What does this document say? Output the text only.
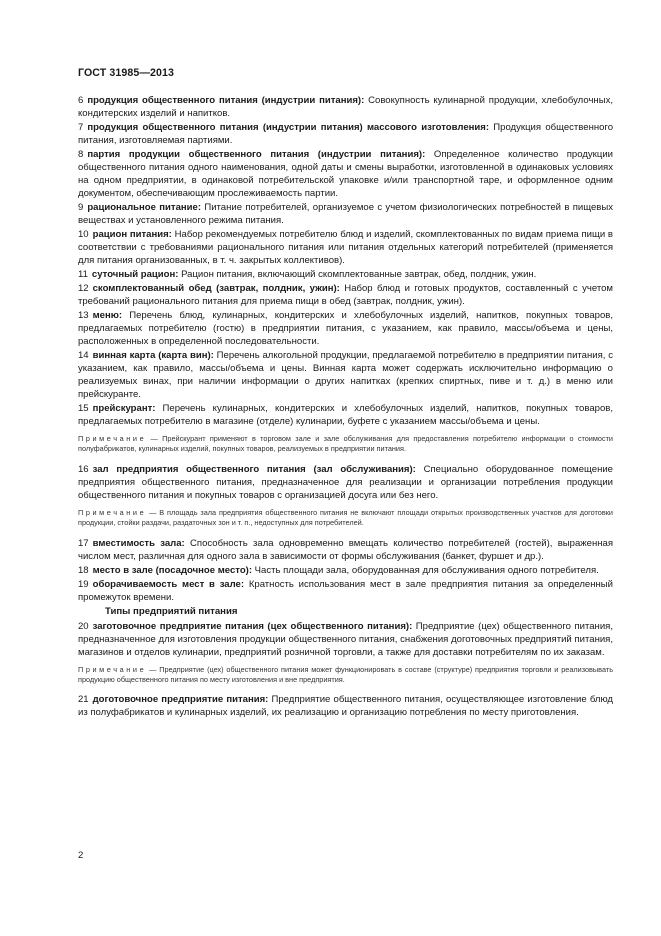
ГОСТ 31985—2013

6 продукция общественного питания (индустрии питания): Совокупность кулинарной продукции, хлебобулочных, кондитерских изделий и напитков.

7 продукция общественного питания (индустрии питания) массового изготовления: Продукция общественного питания, изготовляемая партиями.

8 партия продукции общественного питания (индустрии питания): Определенное количество продукции общественного питания одного наименования, одной даты и смены выработки, изготовленной в одинаковых условиях на одном предприятии, в одинаковой потребительской упаковке и/или транспортной таре, и оформленное одним документом, обеспечивающим прослеживаемость партии.

9 рациональное питание: Питание потребителей, организуемое с учетом физиологических потребностей в пищевых веществах и установленного режима питания.

10 рацион питания: Набор рекомендуемых потребителю блюд и изделий, скомплектованных по видам приема пищи в соответствии с требованиями рационального питания или питания отдельных категорий потребителей (применяется для питания организованных, в т. ч. закрытых коллективов).

11 суточный рацион: Рацион питания, включающий скомплектованные завтрак, обед, полдник, ужин.

12 скомплектованный обед (завтрак, полдник, ужин): Набор блюд и готовых продуктов, составленный с учетом требований рационального питания для приема пищи в обед (завтрак, полдник, ужин).

13 меню: Перечень блюд, кулинарных, кондитерских и хлебобулочных изделий, напитков, покупных товаров, предлагаемых потребителю (гостю) в предприятии питания, с указанием, как правило, массы/объема и цены, расположенных в определенной последовательности.

14 винная карта (карта вин): Перечень алкогольной продукции, предлагаемой потребителю в предприятии питания, с указанием, как правило, массы/объема и цены. Винная карта может содержать исключительно информацию о реализуемых винах, при наличии информации о других напитках (крепких спиртных, пиве и т. д.) в меню или прейскуранте.

15 прейскурант: Перечень кулинарных, кондитерских и хлебобулочных изделий, напитков, покупных товаров, предлагаемых потребителю в магазине (отделе) кулинарии, буфете с указанием массы/объема и цены.

Примечание — Прейскурант применяют в торговом зале и зале обслуживания для предоставления потребителю информации о стоимости полуфабрикатов, кулинарных изделий, покупных товаров, реализуемых в предприятии питания.

16 зал предприятия общественного питания (зал обслуживания): Специально оборудованное помещение предприятия общественного питания, предназначенное для реализации и организации потребления продукции общественного питания и покупных товаров с организацией досуга или без него.

Примечание — В площадь зала предприятия общественного питания не включают площади открытых производственных участков для доготовки продукции, стойки раздачи, раздаточных зон и т. п., недоступных для потребителей.

17 вместимость зала: Способность зала одновременно вмещать количество потребителей (гостей), выраженная числом мест, различная для одного зала в зависимости от формы обслуживания (банкет, фуршет и др.).

18 место в зале (посадочное место): Часть площади зала, оборудованная для обслуживания одного потребителя.

19 оборачиваемость мест в зале: Кратность использования мест в зале предприятия питания за определенный промежуток времени.

Типы предприятий питания

20 заготовочное предприятие питания (цех общественного питания): Предприятие (цех) общественного питания, предназначенное для изготовления продукции общественного питания, снабжения доготовочных предприятий питания, магазинов и отделов кулинарии, предприятий розничной торговли, а также для доставки потребителям по их заказам.

Примечание — Предприятие (цех) общественного питания может функционировать в составе (структуре) предприятия торговли и реализовывать продукцию общественного питания по месту изготовления и вне предприятия.

21 доготовочное предприятие питания: Предприятие общественного питания, осуществляющее изготовление блюд из полуфабрикатов и кулинарных изделий, их реализацию и организацию потребления по месту приготовления.

2
